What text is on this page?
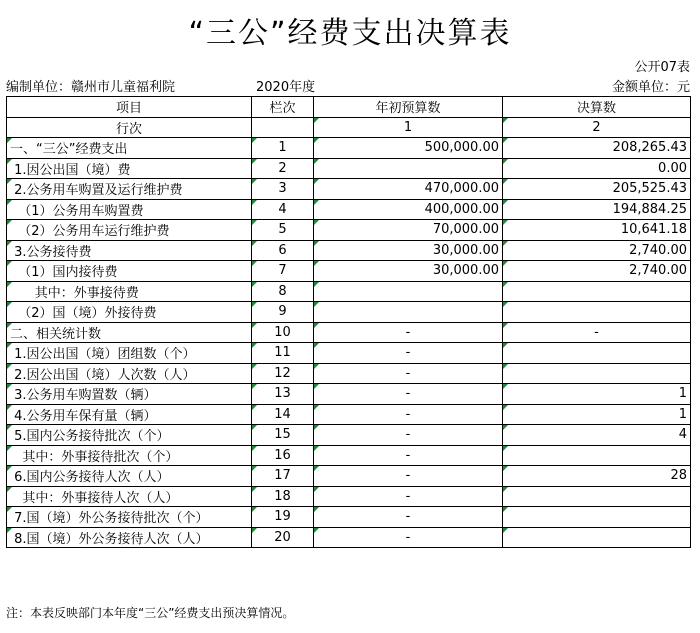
“三公”经费支出决算表
公开07表
编制单位：赣州市儿童福利院	2020年度	金额单位：元
项目	栏次	年初预算数	决算数
行次		1	2
一、“三公”经费支出	1	500,000.00	208,265.43
1.因公出国（境）费	2		0.00
2.公务用车购置及运行维护费	3	470,000.00	205,525.43
（1）公务用车购置费	4	400,000.00	194,884.25
（2）公务用车运行维护费	5	70,000.00	10,641.18
3.公务接待费	6	30,000.00	2,740.00
（1）国内接待费	7	30,000.00	2,740.00
其中：外事接待费	8		
（2）国（境）外接待费	9		
二、相关统计数	10	-	-
1.因公出国（境）团组数（个）	11	-	
2.因公出国（境）人次数（人）	12	-	
3.公务用车购置数（辆）	13	-	1
4.公务用车保有量（辆）	14	-	1
5.国内公务接待批次（个）	15	-	4
其中：外事接待批次（个）	16	-	
6.国内公务接待人次（人）	17	-	28
其中：外事接待人次（人）	18	-	
7.国（境）外公务接待批次（个）	19	-	
8.国（境）外公务接待人次（人）	20	-	
注：本表反映部门本年度“三公”经费支出预决算情况。
